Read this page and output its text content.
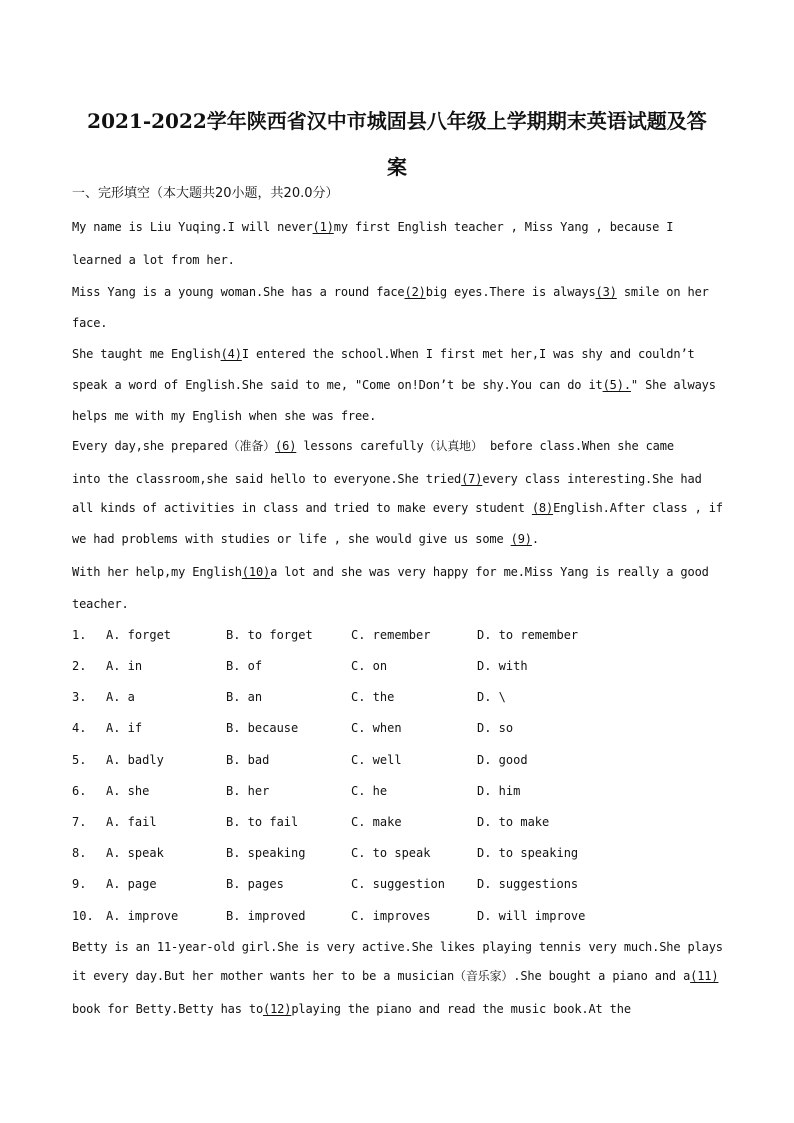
2021-2022学年陕西省汉中市城固县八年级上学期期末英语试题及答
案
一、完形填空（本大题共20小题，共20.0分）
My name is Liu Yuqing.I will never(1)my first English teacher , Miss Yang , because I
learned a lot from her.
Miss Yang is a young woman.She has a round face(2)big eyes.There is always(3) smile on her
face.
She taught me English(4)I entered the school.When I first met her,I was shy and couldn’t
speak a word of English.She said to me, "Come on!Don’t be shy.You can do it(5)." She always
helps me with my English when she was free.
Every day,she prepared（准备）(6) lessons carefully（认真地） before class.When she came
into the classroom,she said hello to everyone.She tried(7)every class interesting.She had
all kinds of activities in class and tried to make every student (8)English.After class , if
we had problems with studies or life , she would give us some (9).
With her help,my English(10)a lot and she was very happy for me.Miss Yang is really a good
teacher.
1. A. forget	B. to forget	C. remember	D. to remember
2. A. in	B. of	C. on	D. with
3. A. a	B. an	C. the	D. \
4. A. if	B. because	C. when	D. so
5. A. badly	B. bad	C. well	D. good
6. A. she	B. her	C. he	D. him
7. A. fail	B. to fail	C. make	D. to make
8. A. speak	B. speaking	C. to speak	D. to speaking
9. A. page	B. pages	C. suggestion	D. suggestions
10. A. improve	B. improved	C. improves	D. will improve
Betty is an 11-year-old girl.She is very active.She likes playing tennis very much.She plays
it every day.But her mother wants her to be a musician（音乐家）.She bought a piano and a(11)
book for Betty.Betty has to(12)playing the piano and read the music book.At the
